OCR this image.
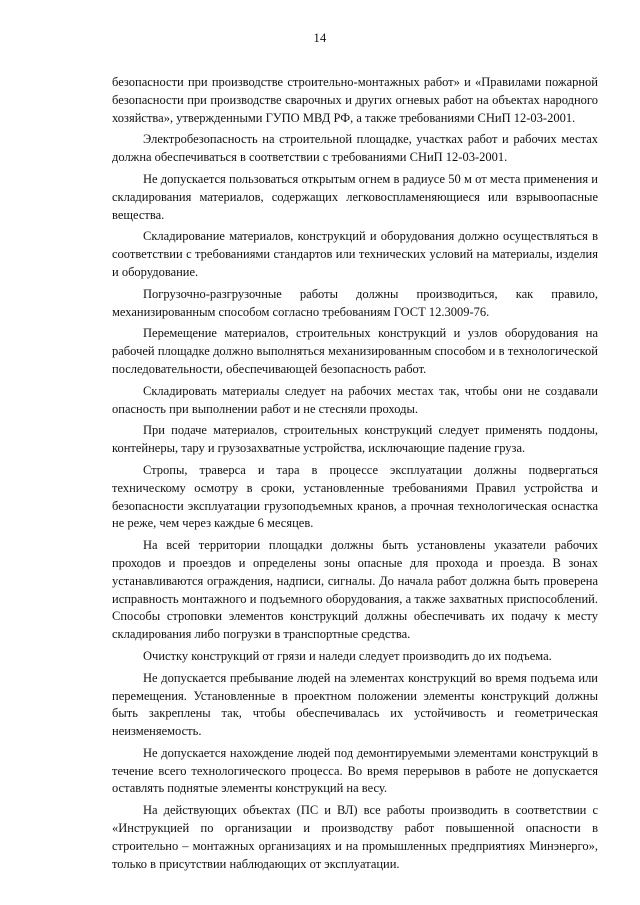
14

безопасности при производстве строительно-монтажных работ» и «Правилами пожарной безопасности при производстве сварочных и других огневых работ на объектах народного хозяйства», утвержденными ГУПО МВД РФ, а также требованиями СНиП 12-03-2001.

Электробезопасность на строительной площадке, участках работ и рабочих местах должна обеспечиваться в соответствии с требованиями СНиП 12-03-2001.

Не допускается пользоваться открытым огнем в радиусе 50 м от места применения и складирования материалов, содержащих легковоспламеняющиеся или взрывоопасные вещества.

Складирование материалов, конструкций и оборудования должно осуществляться в соответствии с требованиями стандартов или технических условий на материалы, изделия и оборудование.

Погрузочно-разгрузочные работы должны производиться, как правило, механизированным способом согласно требованиям ГОСТ 12.3009-76.

Перемещение материалов, строительных конструкций и узлов оборудования на рабочей площадке должно выполняться механизированным способом и в технологической последовательности, обеспечивающей безопасность работ.

Складировать материалы следует на рабочих местах так, чтобы они не создавали опасность при выполнении работ и не стесняли проходы.

При подаче материалов, строительных конструкций следует применять поддоны, контейнеры, тару и грузозахватные устройства, исключающие падение груза.

Стропы, траверса и тара в процессе эксплуатации должны подвергаться техническому осмотру в сроки, установленные требованиями Правил устройства и безопасности эксплуатации грузоподъемных кранов, а прочная технологическая оснастка не реже, чем через каждые 6 месяцев.

На всей территории площадки должны быть установлены указатели рабочих проходов и проездов и определены зоны опасные для прохода и проезда. В зонах устанавливаются ограждения, надписи, сигналы. До начала работ должна быть проверена исправность монтажного и подъемного оборудования, а также захватных приспособлений. Способы строповки элементов конструкций должны обеспечивать их подачу к месту складирования либо погрузки в транспортные средства.

Очистку конструкций от грязи и наледи следует производить до их подъема.

Не допускается пребывание людей на элементах конструкций во время подъема или перемещения. Установленные в проектном положении элементы конструкций должны быть закреплены так, чтобы обеспечивалась их устойчивость и геометрическая неизменяемость.

Не допускается нахождение людей под демонтируемыми элементами конструкций в течение всего технологического процесса. Во время перерывов в работе не допускается оставлять поднятые элементы конструкций на весу.

На действующих объектах (ПС и ВЛ) все работы производить в соответствии с «Инструкцией по организации и производству работ повышенной опасности в строительно – монтажных организациях и на промышленных предприятиях Минэнерго», только в присутствии наблюдающих от эксплуатации.
